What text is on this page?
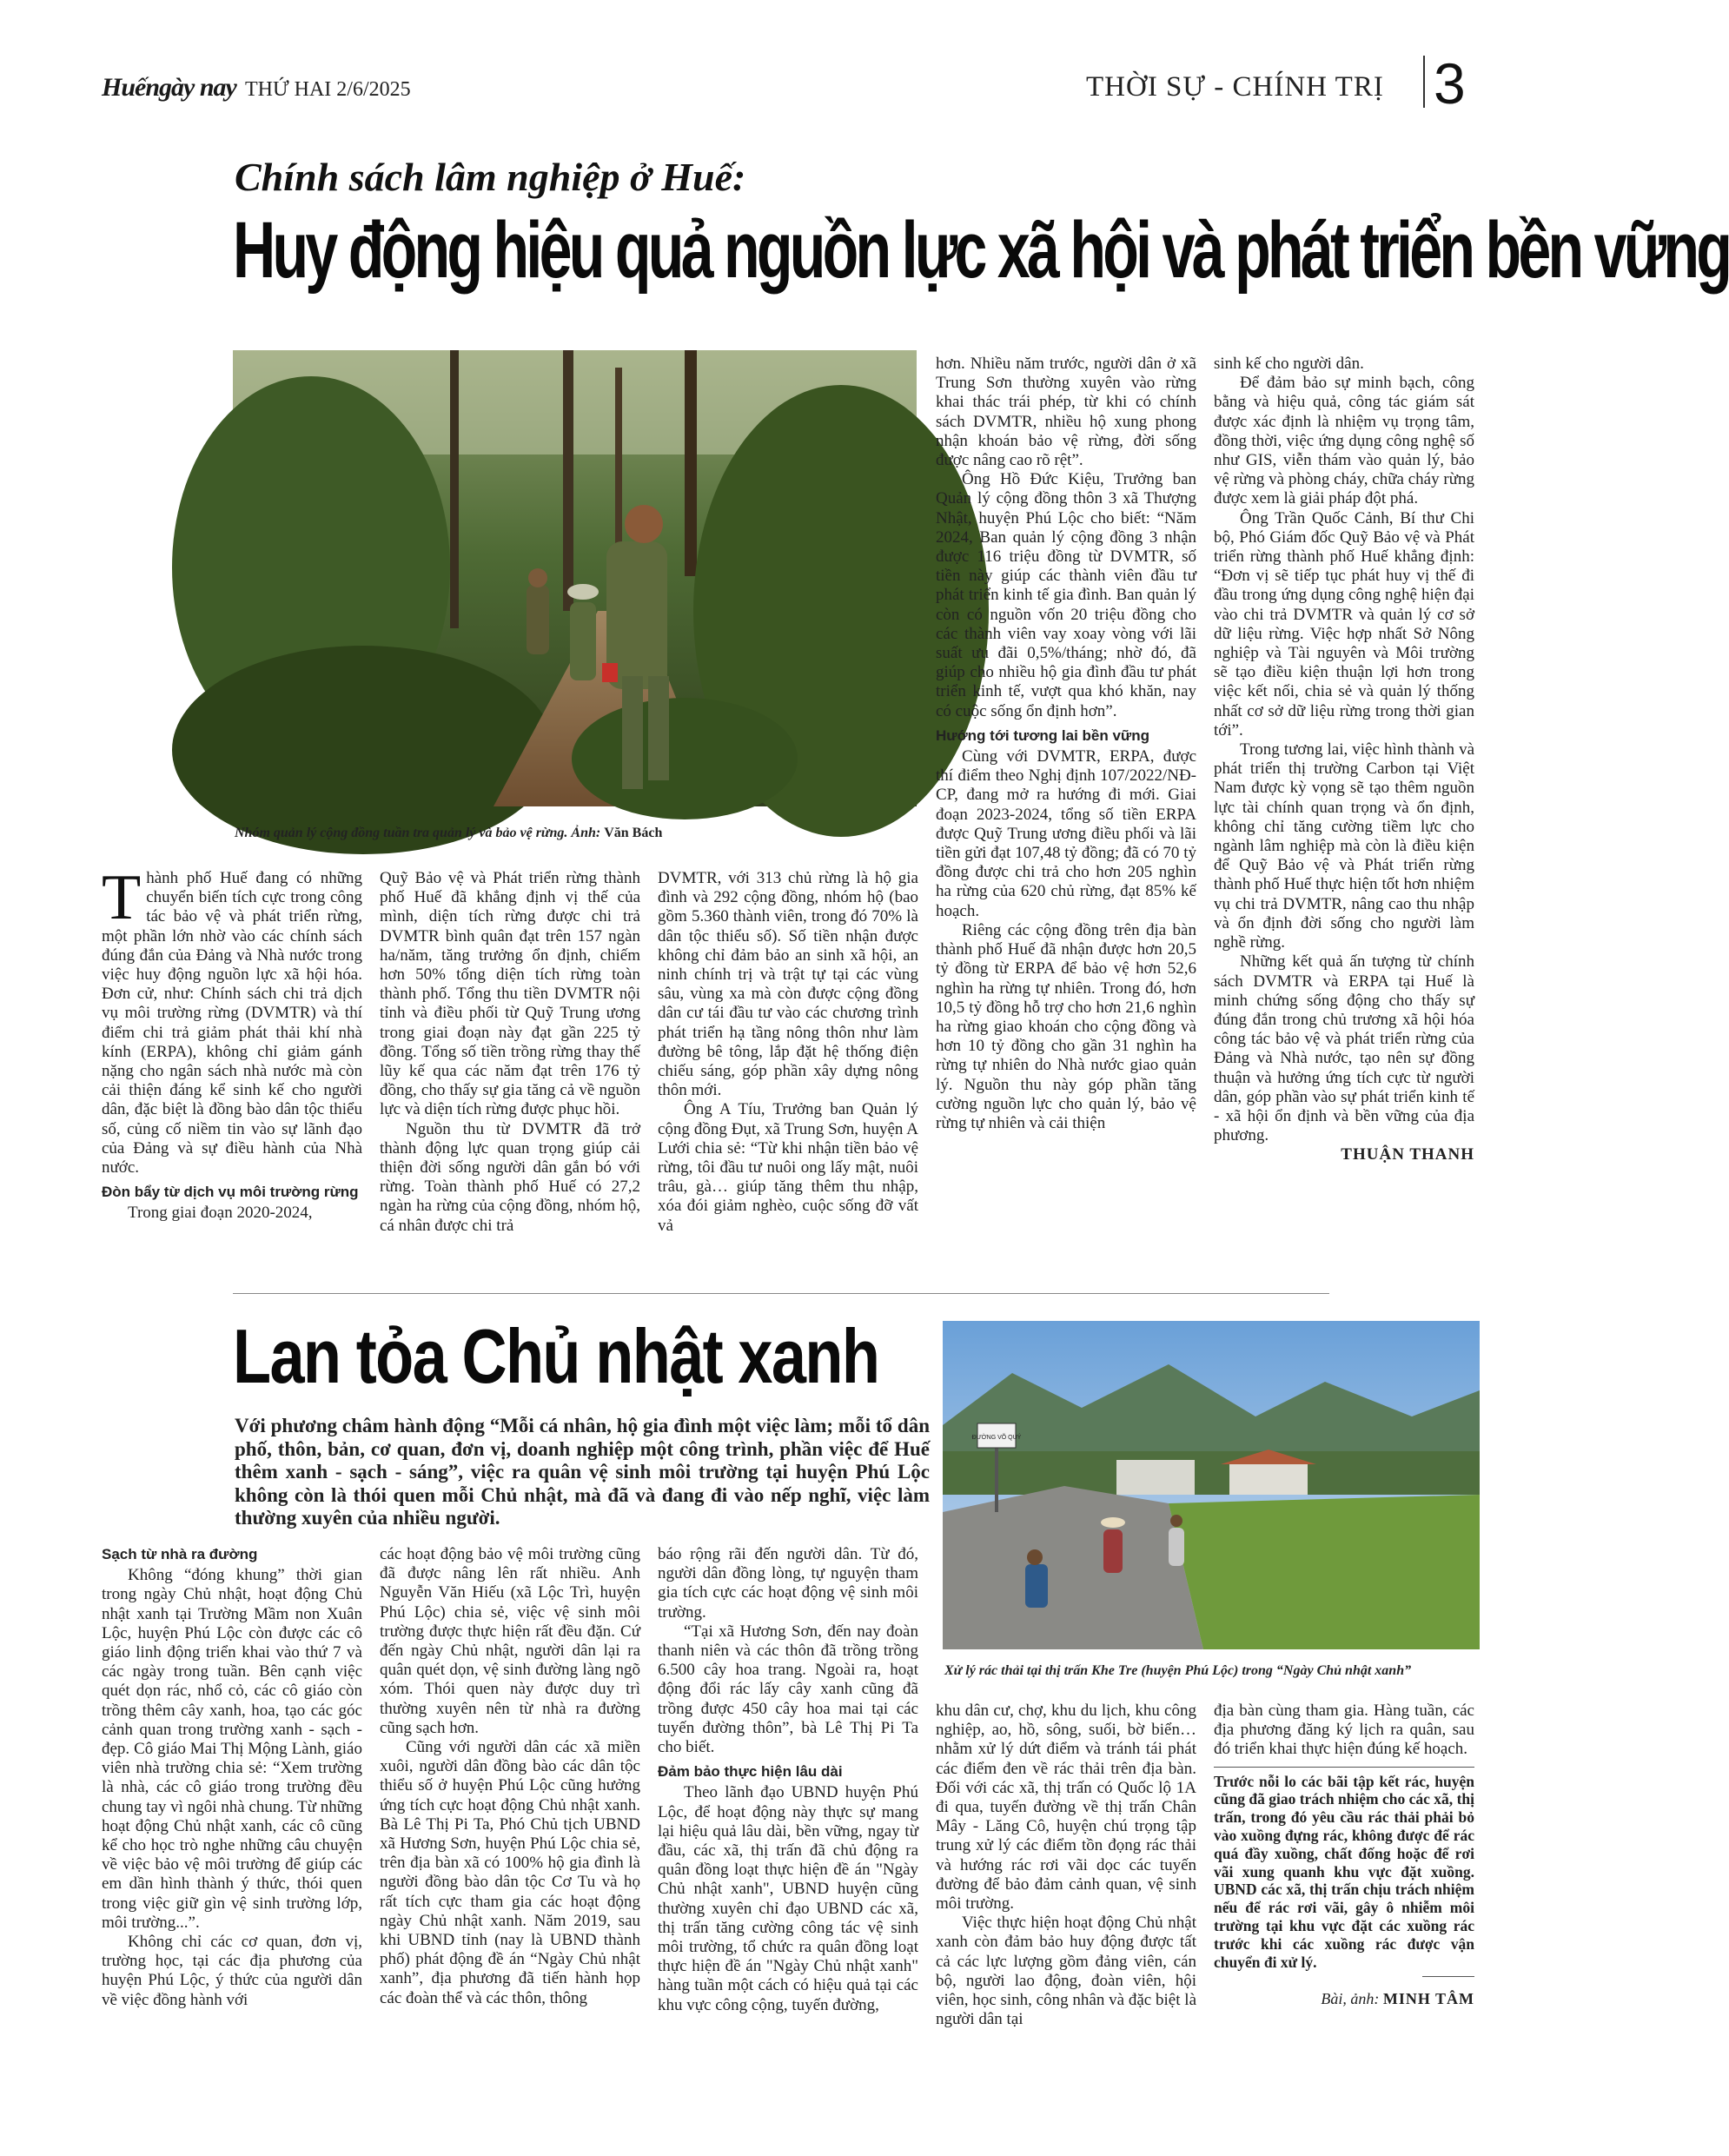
Huếngày nay THỨ HAI 2/6/2025	THỜI SỰ - CHÍNH TRỊ 3
Chính sách lâm nghiệp ở Huế:
Huy động hiệu quả nguồn lực xã hội và phát triển bền vững
Nhóm quản lý cộng đồng tuần tra quản lý và bảo vệ rừng. Ảnh: Văn Bách

Thành phố Huế đang có những chuyển biến tích cực trong công tác bảo vệ và phát triển rừng, một phần lớn nhờ vào các chính sách đúng đắn của Đảng và Nhà nước trong việc huy động nguồn lực xã hội hóa. Đơn cử, như: Chính sách chi trả dịch vụ môi trường rừng (DVMTR) và thí điểm chi trả giảm phát thải khí nhà kính (ERPA), không chỉ giảm gánh nặng cho ngân sách nhà nước mà còn cải thiện đáng kể sinh kế cho người dân, đặc biệt là đồng bào dân tộc thiểu số, củng cố niềm tin vào sự lãnh đạo của Đảng và sự điều hành của Nhà nước.

Đòn bẩy từ dịch vụ môi trường rừng

Trong giai đoạn 2020-2024,

Quỹ Bảo vệ và Phát triển rừng thành phố Huế đã khẳng định vị thế của mình, diện tích rừng được chi trả DVMTR bình quân đạt trên 157 ngàn ha/năm, tăng trưởng ổn định, chiếm hơn 50% tổng diện tích rừng toàn thành phố. Tổng thu tiền DVMTR nội tỉnh và điều phối từ Quỹ Trung ương trong giai đoạn này đạt gần 225 tỷ đồng. Tổng số tiền trồng rừng thay thế lũy kế qua các năm đạt trên 176 tỷ đồng, cho thấy sự gia tăng cả về nguồn lực và diện tích rừng được phục hồi.

Nguồn thu từ DVMTR đã trở thành động lực quan trọng giúp cải thiện đời sống người dân gắn bó với rừng. Toàn thành phố Huế có 27,2 ngàn ha rừng của cộng đồng, nhóm hộ, cá nhân được chi trả

DVMTR, với 313 chủ rừng là hộ gia đình và 292 cộng đồng, nhóm hộ (bao gồm 5.360 thành viên, trong đó 70% là dân tộc thiểu số). Số tiền nhận được không chỉ đảm bảo an sinh xã hội, an ninh chính trị và trật tự tại các vùng sâu, vùng xa mà còn được cộng đồng dân cư tái đầu tư vào các chương trình phát triển hạ tầng nông thôn như làm đường bê tông, lắp đặt hệ thống điện chiếu sáng, góp phần xây dựng nông thôn mới.

Ông A Tíu, Trưởng ban Quản lý cộng đồng Đụt, xã Trung Sơn, huyện A Lưới chia sẻ: “Từ khi nhận tiền bảo vệ rừng, tôi đầu tư nuôi ong lấy mật, nuôi trâu, gà… giúp tăng thêm thu nhập, xóa đói giảm nghèo, cuộc sống đỡ vất vả

hơn. Nhiều năm trước, người dân ở xã Trung Sơn thường xuyên vào rừng khai thác trái phép, từ khi có chính sách DVMTR, nhiều hộ xung phong nhận khoán bảo vệ rừng, đời sống được nâng cao rõ rệt”.

Ông Hồ Đức Kiệu, Trưởng ban Quản lý cộng đồng thôn 3 xã Thượng Nhật, huyện Phú Lộc cho biết: “Năm 2024, Ban quản lý cộng đồng 3 nhận được 116 triệu đồng từ DVMTR, số tiền này giúp các thành viên đầu tư phát triển kinh tế gia đình. Ban quản lý còn có nguồn vốn 20 triệu đồng cho các thành viên vay xoay vòng với lãi suất ưu đãi 0,5%/tháng; nhờ đó, đã giúp cho nhiều hộ gia đình đầu tư phát triển kinh tế, vượt qua khó khăn, nay có cuộc sống ổn định hơn”.

Hướng tới tương lai bền vững

Cùng với DVMTR, ERPA, được thí điểm theo Nghị định 107/2022/NĐ-CP, đang mở ra hướng đi mới. Giai đoạn 2023-2024, tổng số tiền ERPA được Quỹ Trung ương điều phối và lãi tiền gửi đạt 107,48 tỷ đồng; đã có 70 tỷ đồng được chi trả cho hơn 205 nghìn ha rừng của 620 chủ rừng, đạt 85% kế hoạch.

Riêng các cộng đồng trên địa bàn thành phố Huế đã nhận được hơn 20,5 tỷ đồng từ ERPA để bảo vệ hơn 52,6 nghìn ha rừng tự nhiên. Trong đó, hơn 10,5 tỷ đồng hỗ trợ cho hơn 21,6 nghìn ha rừng giao khoán cho cộng đồng và hơn 10 tỷ đồng cho gần 31 nghìn ha rừng tự nhiên do Nhà nước giao quản lý. Nguồn thu này góp phần tăng cường nguồn lực cho quản lý, bảo vệ rừng tự nhiên và cải thiện

sinh kế cho người dân.

Để đảm bảo sự minh bạch, công bằng và hiệu quả, công tác giám sát được xác định là nhiệm vụ trọng tâm, đồng thời, việc ứng dụng công nghệ số như GIS, viễn thám vào quản lý, bảo vệ rừng và phòng cháy, chữa cháy rừng được xem là giải pháp đột phá.

Ông Trần Quốc Cảnh, Bí thư Chi bộ, Phó Giám đốc Quỹ Bảo vệ và Phát triển rừng thành phố Huế khẳng định: “Đơn vị sẽ tiếp tục phát huy vị thế đi đầu trong ứng dụng công nghệ hiện đại vào chi trả DVMTR và quản lý cơ sở dữ liệu rừng. Việc hợp nhất Sở Nông nghiệp và Tài nguyên và Môi trường sẽ tạo điều kiện thuận lợi hơn trong việc kết nối, chia sẻ và quản lý thống nhất cơ sở dữ liệu rừng trong thời gian tới”.

Trong tương lai, việc hình thành và phát triển thị trường Carbon tại Việt Nam được kỳ vọng sẽ tạo thêm nguồn lực tài chính quan trọng và ổn định, không chỉ tăng cường tiềm lực cho ngành lâm nghiệp mà còn là điều kiện để Quỹ Bảo vệ và Phát triển rừng thành phố Huế thực hiện tốt hơn nhiệm vụ chi trả DVMTR, nâng cao thu nhập và ổn định đời sống cho người làm nghề rừng.

Những kết quả ấn tượng từ chính sách DVMTR và ERPA tại Huế là minh chứng sống động cho thấy sự đúng đắn trong chủ trương xã hội hóa công tác bảo vệ và phát triển rừng của Đảng và Nhà nước, tạo nên sự đồng thuận và hưởng ứng tích cực từ người dân, góp phần vào sự phát triển kinh tế - xã hội ổn định và bền vững của địa phương.

THUẬN THANH

Lan tỏa Chủ nhật xanh
Với phương châm hành động “Mỗi cá nhân, hộ gia đình một việc làm; mỗi tổ dân phố, thôn, bản, cơ quan, đơn vị, doanh nghiệp một công trình, phần việc để Huế thêm xanh - sạch - sáng”, việc ra quân vệ sinh môi trường tại huyện Phú Lộc không còn là thói quen mỗi Chủ nhật, mà đã và đang đi vào nếp nghĩ, việc làm thường xuyên của nhiều người.
ĐƯỜNG VÕ QUÝ
Xử lý rác thải tại thị trấn Khe Tre (huyện Phú Lộc) trong “Ngày Chủ nhật xanh”

Sạch từ nhà ra đường

Không “đóng khung” thời gian trong ngày Chủ nhật, hoạt động Chủ nhật xanh tại Trường Mầm non Xuân Lộc, huyện Phú Lộc còn được các cô giáo linh động triển khai vào thứ 7 và các ngày trong tuần. Bên cạnh việc quét dọn rác, nhổ cỏ, các cô giáo còn trồng thêm cây xanh, hoa, tạo các góc cảnh quan trong trường xanh - sạch - đẹp. Cô giáo Mai Thị Mộng Lành, giáo viên nhà trường chia sẻ: “Xem trường là nhà, các cô giáo trong trường đều chung tay vì ngôi nhà chung. Từ những hoạt động Chủ nhật xanh, các cô cũng kể cho học trò nghe những câu chuyện về việc bảo vệ môi trường để giúp các em dần hình thành ý thức, thói quen trong việc giữ gìn vệ sinh trường lớp, môi trường...”.

Không chỉ các cơ quan, đơn vị, trường học, tại các địa phương của huyện Phú Lộc, ý thức của người dân về việc đồng hành với

các hoạt động bảo vệ môi trường cũng đã được nâng lên rất nhiều. Anh Nguyễn Văn Hiếu (xã Lộc Trì, huyện Phú Lộc) chia sẻ, việc vệ sinh môi trường được thực hiện rất đều đặn. Cứ đến ngày Chủ nhật, người dân lại ra quân quét dọn, vệ sinh đường làng ngõ xóm. Thói quen này được duy trì thường xuyên nên từ nhà ra đường cũng sạch hơn.

Cũng với người dân các xã miền xuôi, người dân đồng bào các dân tộc thiểu số ở huyện Phú Lộc cũng hưởng ứng tích cực hoạt động Chủ nhật xanh. Bà Lê Thị Pi Ta, Phó Chủ tịch UBND xã Hương Sơn, huyện Phú Lộc chia sẻ, trên địa bàn xã có 100% hộ gia đình là người đồng bào dân tộc Cơ Tu và họ rất tích cực tham gia các hoạt động ngày Chủ nhật xanh. Năm 2019, sau khi UBND tỉnh (nay là UBND thành phố) phát động đề án “Ngày Chủ nhật xanh”, địa phương đã tiến hành họp các đoàn thể và các thôn, thông

báo rộng rãi đến người dân. Từ đó, người dân đồng lòng, tự nguyện tham gia tích cực các hoạt động vệ sinh môi trường.

“Tại xã Hương Sơn, đến nay đoàn thanh niên và các thôn đã trồng trồng 6.500 cây hoa trang. Ngoài ra, hoạt động đổi rác lấy cây xanh cũng đã trồng được 450 cây hoa mai tại các tuyến đường thôn”, bà Lê Thị Pi Ta cho biết.

Đảm bảo thực hiện lâu dài

Theo lãnh đạo UBND huyện Phú Lộc, để hoạt động này thực sự mang lại hiệu quả lâu dài, bền vững, ngay từ đầu, các xã, thị trấn đã chủ động ra quân đồng loạt thực hiện đề án "Ngày Chủ nhật xanh", UBND huyện cũng thường xuyên chỉ đạo UBND các xã, thị trấn tăng cường công tác vệ sinh môi trường, tổ chức ra quân đồng loạt thực hiện đề án "Ngày Chủ nhật xanh" hàng tuần một cách có hiệu quả tại các khu vực công cộng, tuyến đường,

khu dân cư, chợ, khu du lịch, khu công nghiệp, ao, hồ, sông, suối, bờ biển… nhằm xử lý dứt điểm và tránh tái phát các điểm đen về rác thải trên địa bàn. Đối với các xã, thị trấn có Quốc lộ 1A đi qua, tuyến đường về thị trấn Chân Mây - Lăng Cô, huyện chú trọng tập trung xử lý các điểm tồn đọng rác thải và hướng rác rơi vãi dọc các tuyến đường để bảo đảm cảnh quan, vệ sinh môi trường.

Việc thực hiện hoạt động Chủ nhật xanh còn đảm bảo huy động được tất cả các lực lượng gồm đảng viên, cán bộ, người lao động, đoàn viên, hội viên, học sinh, công nhân và đặc biệt là người dân tại

địa bàn cùng tham gia. Hàng tuần, các địa phương đăng ký lịch ra quân, sau đó triển khai thực hiện đúng kế hoạch.

Trước nỗi lo các bãi tập kết rác, huyện cũng đã giao trách nhiệm cho các xã, thị trấn, trong đó yêu cầu rác thải phải bỏ vào xuồng đựng rác, không được để rác quá đầy xuồng, chất đống hoặc để rơi vãi xung quanh khu vực đặt xuồng. UBND các xã, thị trấn chịu trách nhiệm nếu để rác rơi vãi, gây ô nhiễm môi trường tại khu vực đặt các xuồng rác trước khi các xuồng rác được vận chuyển đi xử lý.

Bài, ảnh: MINH TÂM
